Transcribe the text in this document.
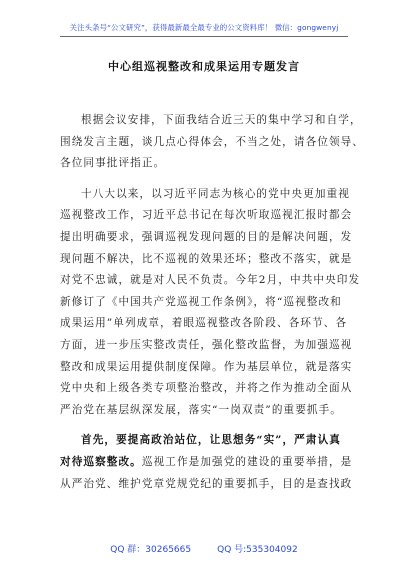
关注头条号“公文研究”，获得最新最全最专业的公文资料库！ 微信：gongwenyj
中心组巡视整改和成果运用专题发言
根据会议安排，下面我结合近三天的集中学习和自学，
围绕发言主题，谈几点心得体会，不当之处，请各位领导、
各位同事批评指正。
十八大以来，以习近平同志为核心的党中央更加重视
巡视整改工作，习近平总书记在每次听取巡视汇报时都会
提出明确要求，强调巡视发现问题的目的是解决问题，发
现问题不解决，比不巡视的效果还坏；整改不落实，就是
对党不忠诚，就是对人民不负责。今年2月，中共中央印发
新修订了《中国共产党巡视工作条例》，将“巡视整改和
成果运用”单列成章，着眼巡视整改各阶段、各环节、各
方面，进一步压实整改责任，强化整改监督，为加强巡视
整改和成果运用提供制度保障。作为基层单位，就是落实
党中央和上级各类专项整治整改，并将之作为推动全面从
严治党在基层纵深发展，落实“一岗双责”的重要抓手。
首先，要提高政治站位，让思想务“实”，严肃认真
对待巡察整改。巡视工作是加强党的建设的重要举措，是
从严治党、维护党章党规党纪的重要抓手，目的是查找政
QQ 群：30265665	QQ 号:535304092
